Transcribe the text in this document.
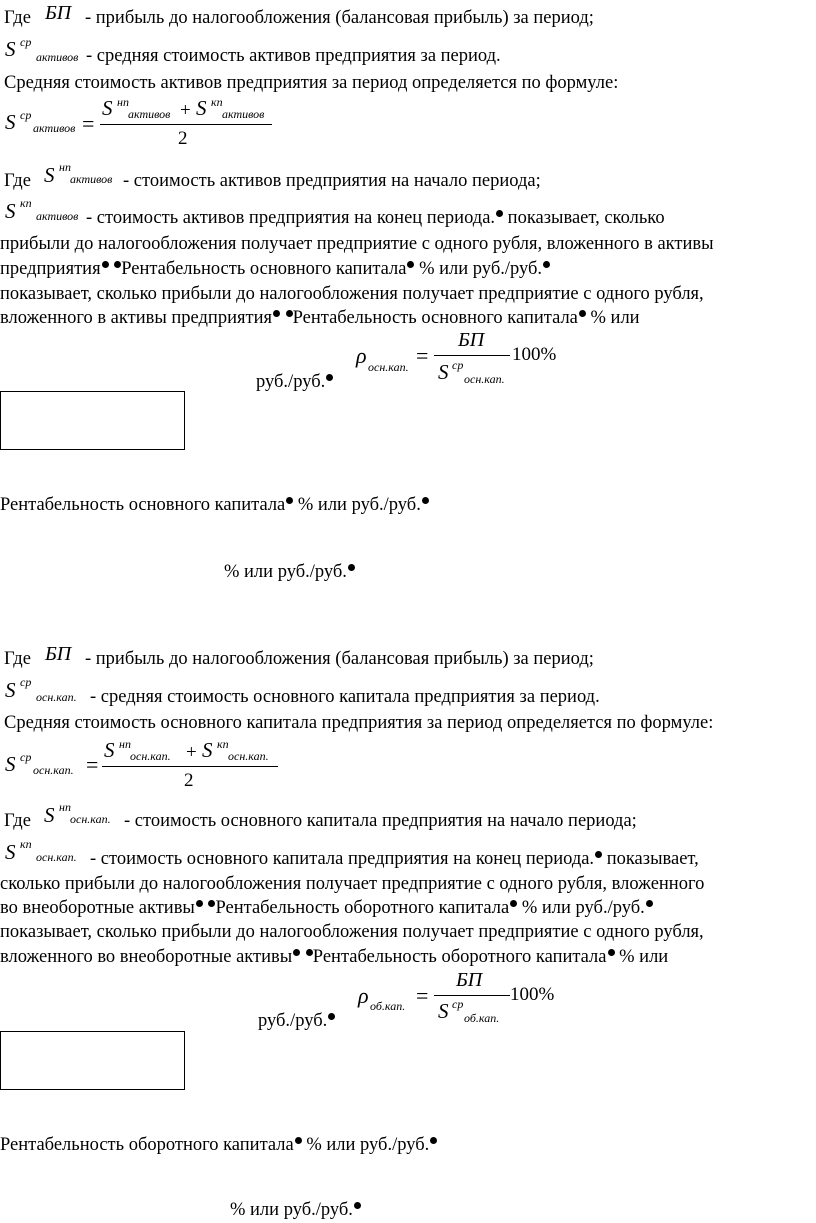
Где БП - прибыль до налогообложения (балансовая прибыль) за период;
S ср
активов - средняя стоимость активов предприятия за период.
Средняя стоимость активов предприятия за период определяется по формуле:
S ср
активов =
S нп
активов + S кп
активов
2
Где S нп
активов - стоимость активов предприятия на начало периода;
S кп
активов - стоимость активов предприятия на конец периода. показывает, сколько
прибыли до налогообложения получает предприятие с одного рубля, вложенного в активы
предприятия Рентабельность основного капитала % или руб./руб.
показывает, сколько прибыли до налогообложения получает предприятие с одного рубля,
вложенного в активы предприятия Рентабельность основного капитала % или
ρ осн.кап. =
БП
S ср
осн.кап.
100%
руб./руб.
Рентабельность основного капитала % или руб./руб.
% или руб./руб.
Где БП - прибыль до налогообложения (балансовая прибыль) за период;
S ср
осн.кап. - средняя стоимость основного капитала предприятия за период.
Средняя стоимость основного капитала предприятия за период определяется по формуле:
S ср
осн.кап. =
S нп
осн.кап. + S кп
осн.кап.
2
Где S нп
осн.кап. - стоимость основного капитала предприятия на начало периода;
S кп
осн.кап. - стоимость основного капитала предприятия на конец периода. показывает,
сколько прибыли до налогообложения получает предприятие с одного рубля, вложенного
во внеоборотные активы Рентабельность оборотного капитала % или руб./руб.
показывает, сколько прибыли до налогообложения получает предприятие с одного рубля,
вложенного во внеоборотные активы Рентабельность оборотного капитала % или
ρ об.кап. =
БП
S ср
об.кап.
100%
руб./руб.
Рентабельность оборотного капитала % или руб./руб.
% или руб./руб.
